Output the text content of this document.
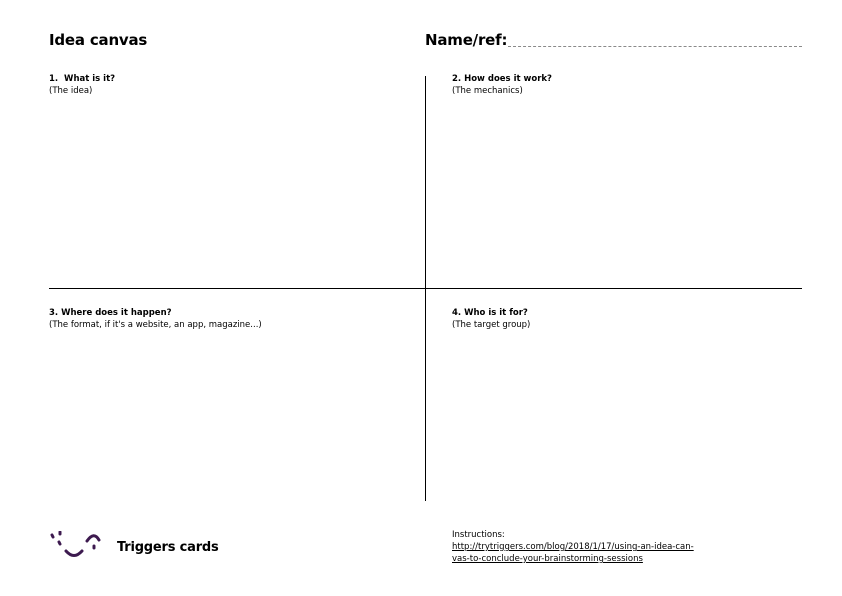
Idea canvas	Name/ref:
1.  What is it?
(The idea)
2. How does it work?
(The mechanics)
3. Where does it happen?
(The format, if it's a website, an app, magazine...)
4. Who is it for?
(The target group)
Triggers cards
Instructions:
http://trytriggers.com/blog/2018/1/17/using-an-idea-can-
vas-to-conclude-your-brainstorming-sessions
